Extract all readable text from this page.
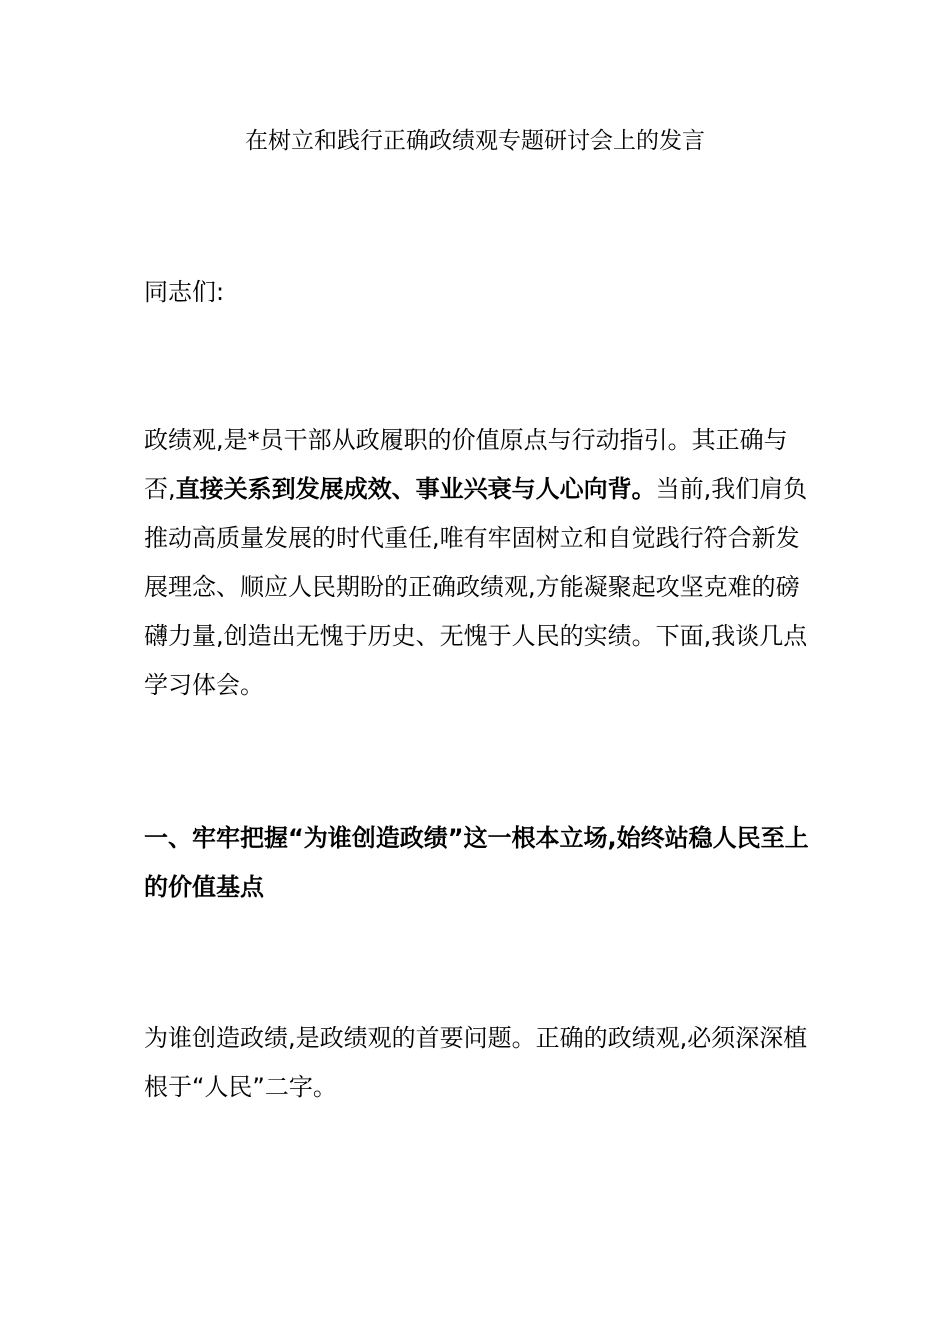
在树立和践行正确政绩观专题研讨会上的发言

同志们:

政绩观,是*员干部从政履职的价值原点与行动指引。其正确与否,直接关系到发展成效、事业兴衰与人心向背。当前,我们肩负推动高质量发展的时代重任,唯有牢固树立和自觉践行符合新发展理念、顺应人民期盼的正确政绩观,方能凝聚起攻坚克难的磅礴力量,创造出无愧于历史、无愧于人民的实绩。下面,我谈几点学习体会。

一、牢牢把握“为谁创造政绩”这一根本立场,始终站稳人民至上的价值基点

为谁创造政绩,是政绩观的首要问题。正确的政绩观,必须深深植根于“人民”二字。
